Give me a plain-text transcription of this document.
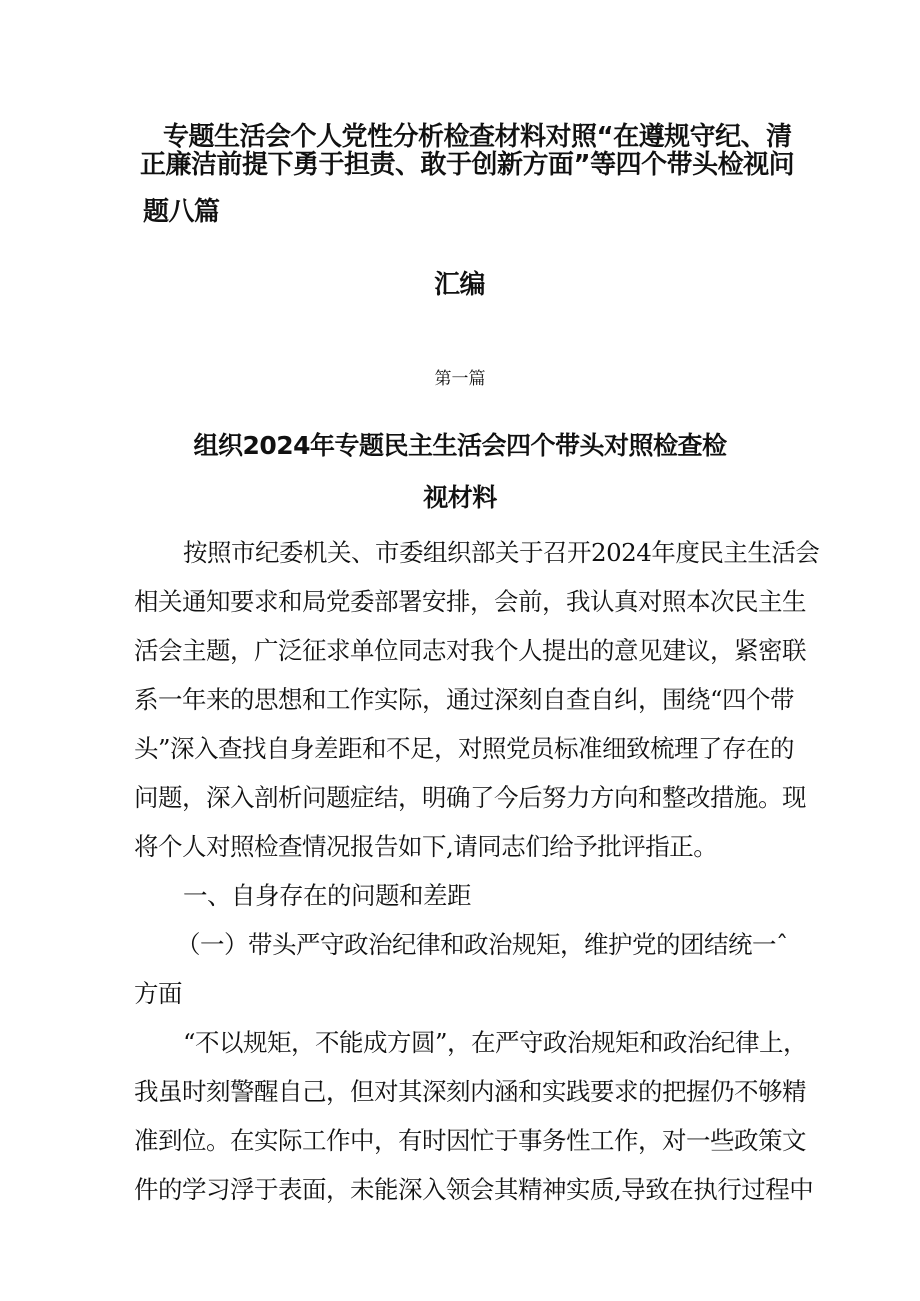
专题生活会个人党性分析检查材料对照“在遵规守纪、清
正廉洁前提下勇于担责、敢于创新方面”等四个带头检视问
题八篇
汇编
第一篇
组织2024年专题民主生活会四个带头对照检查检
视材料

按照市纪委机关、市委组织部关于召开2024年度民主生活会

相关通知要求和局党委部署安排，会前，我认真对照本次民主生

活会主题，广泛征求单位同志对我个人提出的意见建议，紧密联

系一年来的思想和工作实际，通过深刻自查自纠，围绕“四个带

头”深入查找自身差距和不足，对照党员标准细致梳理了存在的

问题，深入剖析问题症结，明确了今后努力方向和整改措施。现

将个人对照检查情况报告如下,请同志们给予批评指正。

一、自身存在的问题和差距

（一）带头严守政治纪律和政治规矩，维护党的团结统一ˆ

方面

“不以规矩，不能成方圆”，在严守政治规矩和政治纪律上，

我虽时刻警醒自己，但对其深刻内涵和实践要求的把握仍不够精

准到位。在实际工作中，有时因忙于事务性工作，对一些政策文

件的学习浮于表面，未能深入领会其精神实质,导致在执行过程中
